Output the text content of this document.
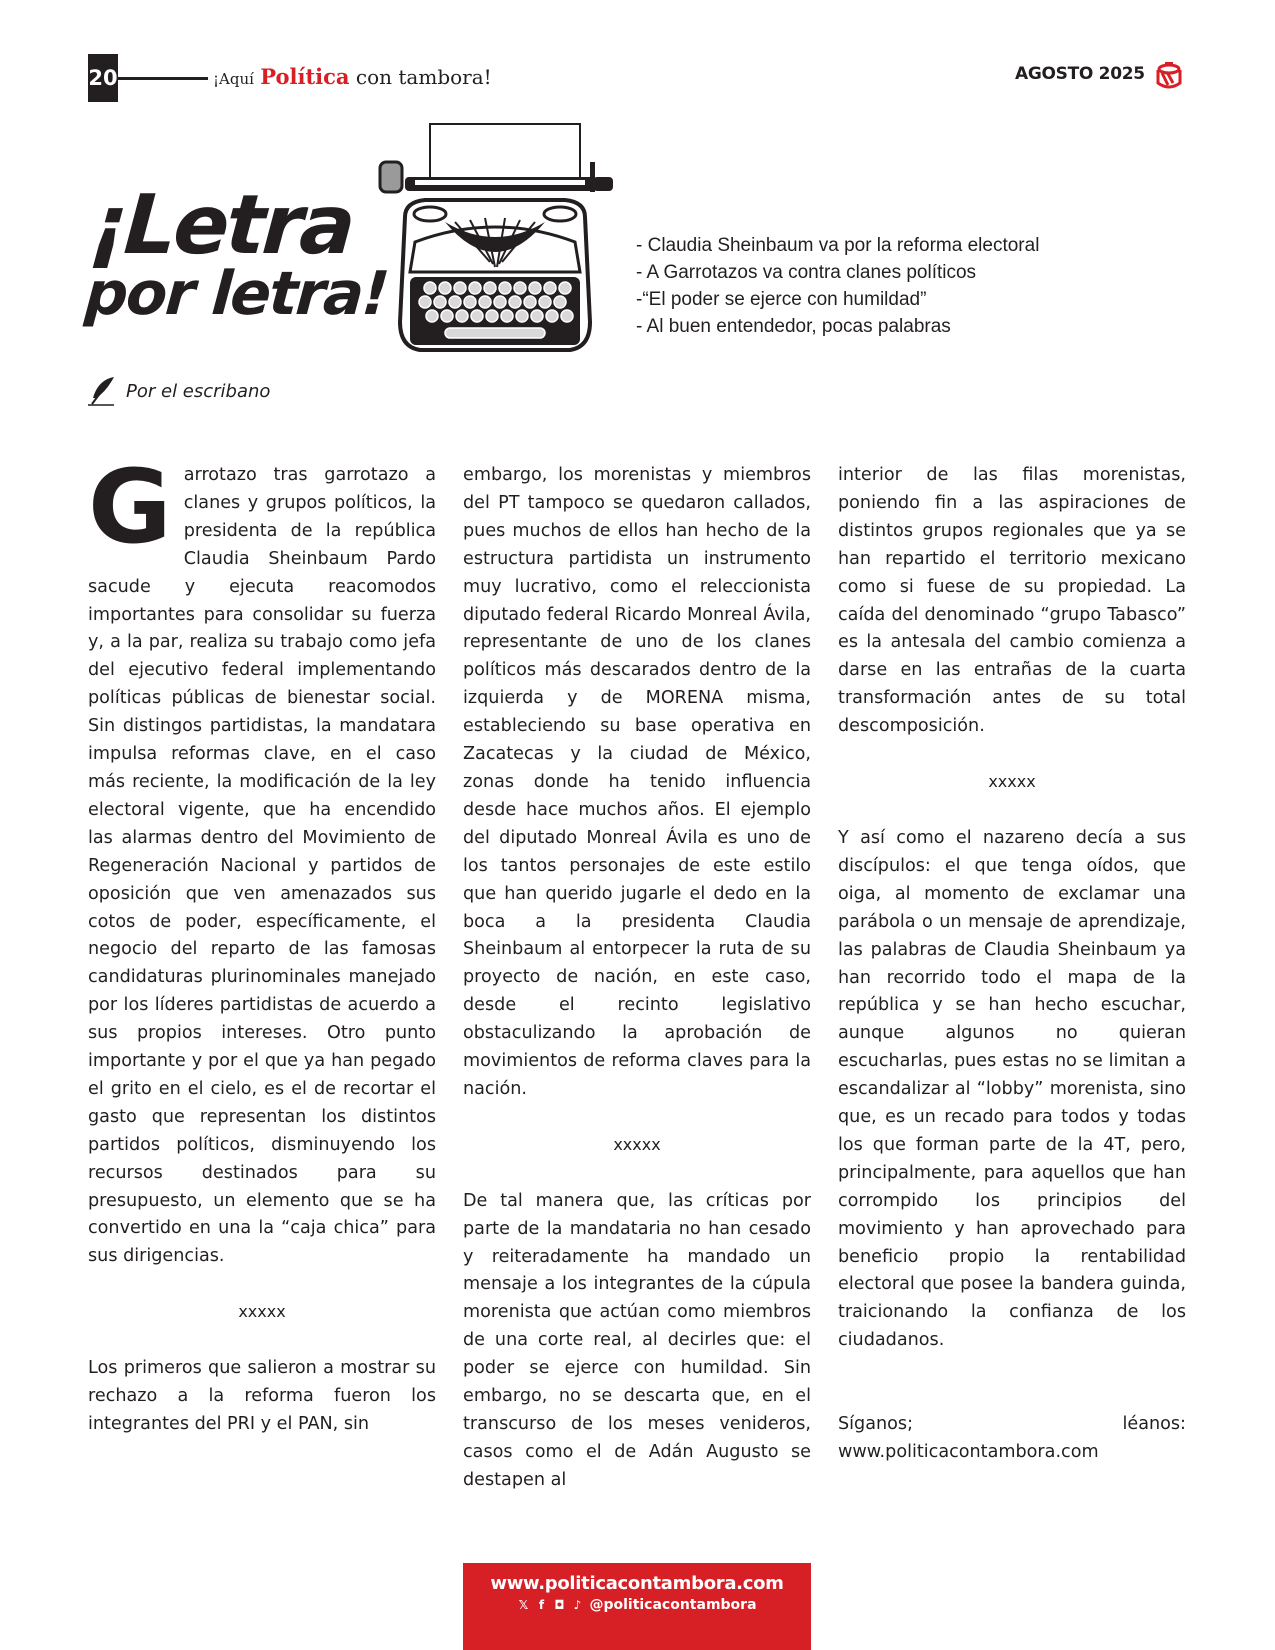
20	¡Aquí Política con tambora!	AGOSTO 2025
¡Letra
por letra!
- Claudia Sheinbaum va por la reforma electoral
- A Garrotazos va contra clanes políticos
-“El poder se ejerce con humildad”
- Al buen entendedor, pocas palabras
Por el escribano

Garrotazo tras garrotazo a clanes y grupos políticos, la presidenta de la república Claudia Sheinbaum Pardo sacude y ejecuta reacomodos importantes para consolidar su fuerza y, a la par, realiza su trabajo como jefa del ejecutivo federal implementando políticas públicas de bienestar social. Sin distingos partidistas, la mandatara impulsa reformas clave, en el caso más reciente, la modificación de la ley electoral vigente, que ha encendido las alarmas dentro del Movimiento de Regeneración Nacional y partidos de oposición que ven amenazados sus cotos de poder, específicamente, el negocio del reparto de las famosas candidaturas plurinominales manejado por los líderes partidistas de acuerdo a sus propios intereses. Otro punto importante y por el que ya han pegado el grito en el cielo, es el de recortar el gasto que representan los distintos partidos políticos, disminuyendo los recursos destinados para su presupuesto, un elemento que se ha convertido en una la “caja chica” para sus dirigencias.

xxxxx

Los primeros que salieron a mostrar su rechazo a la reforma fueron los integrantes del PRI y el PAN, sin

embargo, los morenistas y miembros del PT tampoco se quedaron callados, pues muchos de ellos han hecho de la estructura partidista un instrumento muy lucrativo, como el releccionista diputado federal Ricardo Monreal Ávila, representante de uno de los clanes políticos más descarados dentro de la izquierda y de MORENA misma, estableciendo su base operativa en Zacatecas y la ciudad de México, zonas donde ha tenido influencia desde hace muchos años. El ejemplo del diputado Monreal Ávila es uno de los tantos personajes de este estilo que han querido jugarle el dedo en la boca a la presidenta Claudia Sheinbaum al entorpecer la ruta de su proyecto de nación, en este caso, desde el recinto legislativo obstaculizando la aprobación de movimientos de reforma claves para la nación.

xxxxx

De tal manera que, las críticas por parte de la mandataria no han cesado y reiteradamente ha mandado un mensaje a los integrantes de la cúpula morenista que actúan como miembros de una corte real, al decirles que: el poder se ejerce con humildad. Sin embargo, no se descarta que, en el transcurso de los meses venideros, casos como el de Adán Augusto se destapen al

interior de las filas morenistas, poniendo fin a las aspiraciones de distintos grupos regionales que ya se han repartido el territorio mexicano como si fuese de su propiedad. La caída del denominado “grupo Tabasco” es la antesala del cambio comienza a darse en las entrañas de la cuarta transformación antes de su total descomposición.

xxxxx

Y así como el nazareno decía a sus discípulos: el que tenga oídos, que oiga, al momento de exclamar una parábola o un mensaje de aprendizaje, las palabras de Claudia Sheinbaum ya han recorrido todo el mapa de la república y se han hecho escuchar, aunque algunos no quieran escucharlas, pues estas no se limitan a escandalizar al “lobby” morenista, sino que, es un recado para todos y todas los que forman parte de la 4T, pero, principalmente, para aquellos que han corrompido los principios del movimiento y han aprovechado para beneficio propio la rentabilidad electoral que posee la bandera guinda, traicionando la confianza de los ciudadanos.

Síganos;	léanos:
www.politicacontambora.com
www.politicacontambora.com
𝕏 f ◘ ♪ @politicacontambora
